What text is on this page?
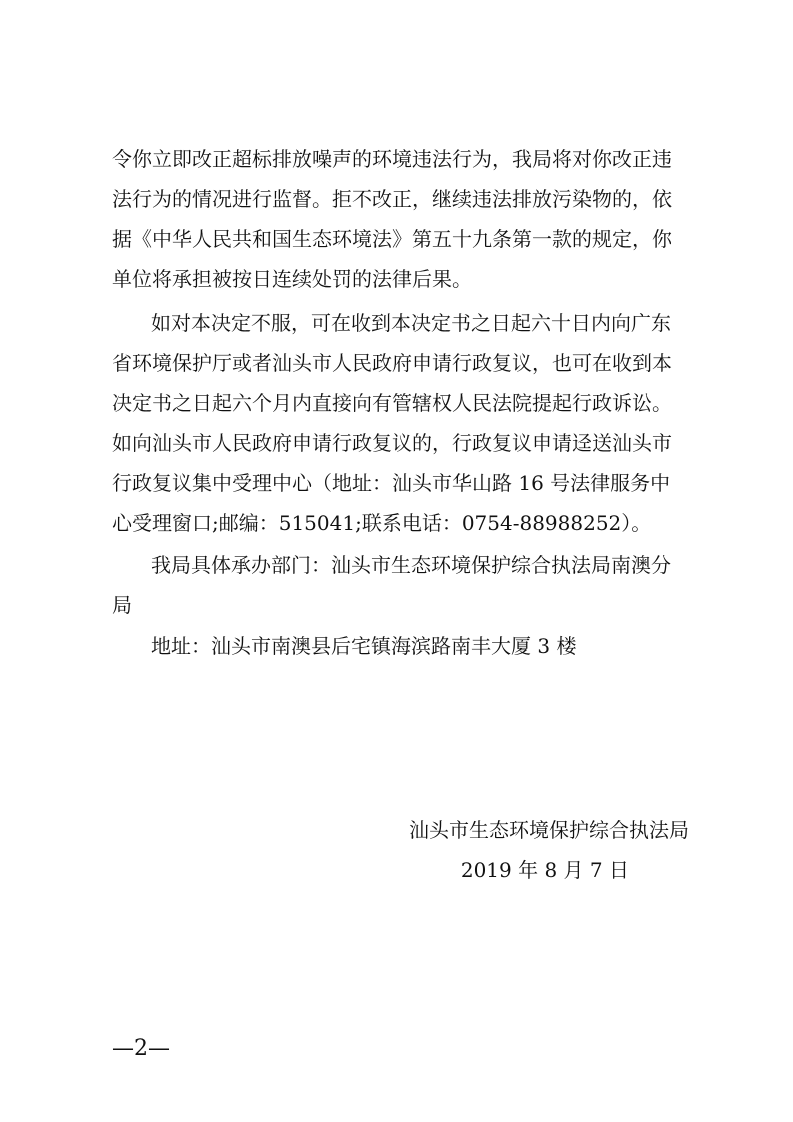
令你立即改正超标排放噪声的环境违法行为，我局将对你改正违
法行为的情况进行监督。拒不改正，继续违法排放污染物的，依
据《中华人民共和国生态环境法》第五十九条第一款的规定，你
单位将承担被按日连续处罚的法律后果。
如对本决定不服，可在收到本决定书之日起六十日内向广东
省环境保护厅或者汕头市人民政府申请行政复议，也可在收到本
决定书之日起六个月内直接向有管辖权人民法院提起行政诉讼。
如向汕头市人民政府申请行政复议的，行政复议申请迳送汕头市
行政复议集中受理中心（地址：汕头市华山路 16 号法律服务中
心受理窗口;邮编：515041;联系电话：0754-88988252）。
我局具体承办部门：汕头市生态环境保护综合执法局南澳分
局
地址：汕头市南澳县后宅镇海滨路南丰大厦 3 楼
汕头市生态环境保护综合执法局
2019 年 8 月 7 日
—2—
